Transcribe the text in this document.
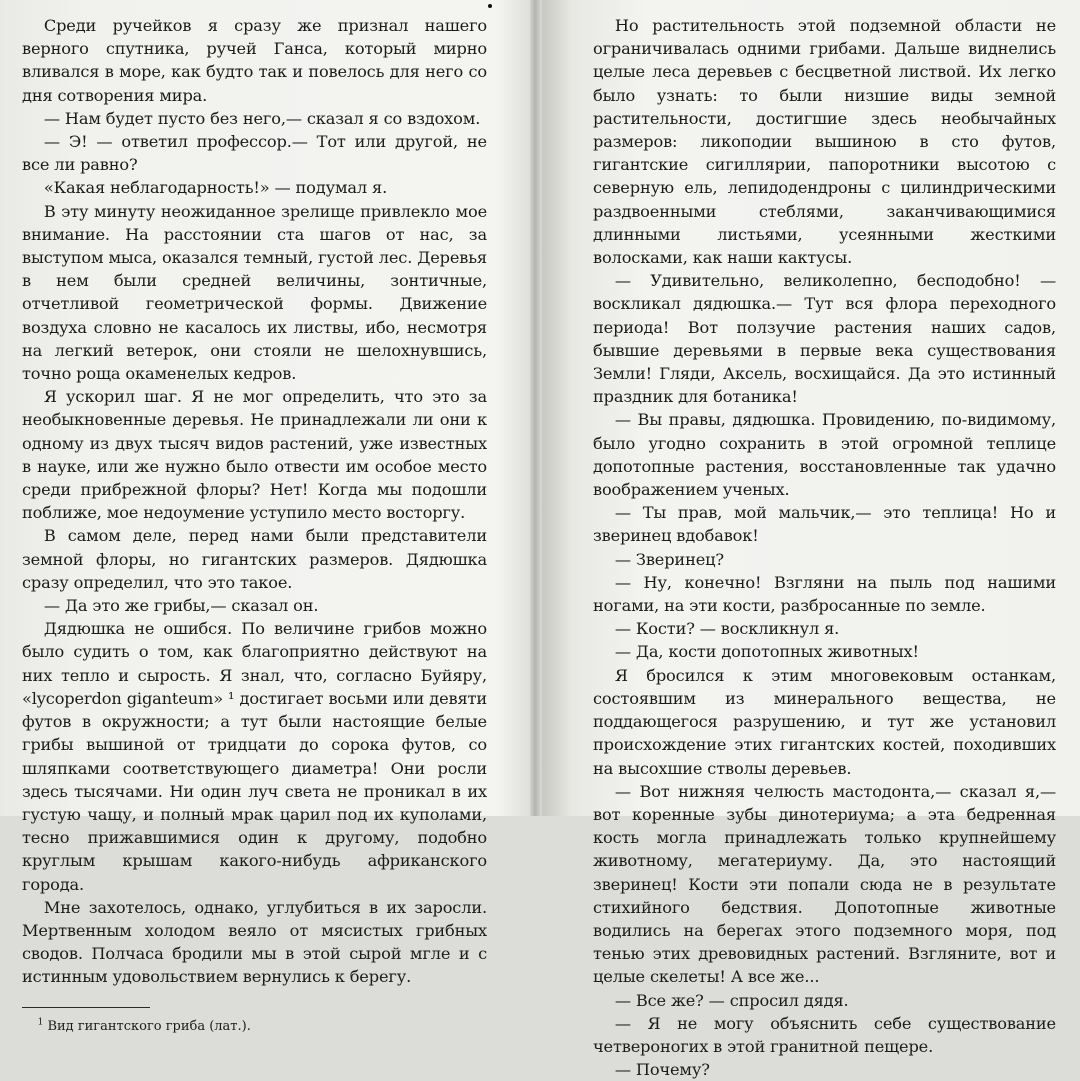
Среди ручейков я сразу же признал нашего верного спутника, ручей Ганса, который мирно вливался в море, как будто так и повелось для него со дня сотворения мира.

— Нам будет пусто без него,— сказал я со вздохом.

— Э! — ответил профессор.— Тот или другой, не все ли равно?

«Какая неблагодарность!» — подумал я.

В эту минуту неожиданное зрелище привлекло мое внимание. На расстоянии ста шагов от нас, за выступом мыса, оказался темный, густой лес. Деревья в нем были средней величины, зонтичные, отчетливой геометрической формы. Движение воздуха словно не касалось их листвы, ибо, несмотря на легкий ветерок, они стояли не шелохнувшись, точно роща окаменелых кедров.

Я ускорил шаг. Я не мог определить, что это за необыкновенные деревья. Не принадлежали ли они к одному из двух тысяч видов растений, уже известных в науке, или же нужно было отвести им особое место среди прибрежной флоры? Нет! Когда мы подошли поближе, мое недоумение уступило место восторгу.

В самом деле, перед нами были представители земной флоры, но гигантских размеров. Дядюшка сразу определил, что это такое.

— Да это же грибы,— сказал он.

Дядюшка не ошибся. По величине грибов можно было судить о том, как благоприятно действуют на них тепло и сырость. Я знал, что, согласно Буйяру, «lycoperdon giganteum» ¹ достигает восьми или девяти футов в окружности; а тут были настоящие белые грибы вышиной от тридцати до сорока футов, со шляпками соответствующего диаметра! Они росли здесь тысячами. Ни один луч света не проникал в их густую чащу, и полный мрак царил под их куполами, тесно прижавшимися один к другому, подобно круглым крышам какого-нибудь африканского города.

Мне захотелось, однако, углубиться в их заросли. Мертвенным холодом веяло от мясистых грибных сводов. Полчаса бродили мы в этой сырой мгле и с истинным удовольствием вернулись к берегу.

$^1$ Вид гигантского гриба (лат.).

Но растительность этой подземной области не ограничивалась одними грибами. Дальше виднелись целые леса деревьев с бесцветной листвой. Их легко было узнать: то были низшие виды земной растительности, достигшие здесь необычайных размеров: ликоподии вышиною в сто футов, гигантские сигиллярии, папоротники высотою с северную ель, лепидодендроны с цилиндрическими раздвоенными стеблями, заканчивающимися длинными листьями, усеянными жесткими волосками, как наши кактусы.

— Удивительно, великолепно, бесподобно! — воскликал дядюшка.— Тут вся флора переходного периода! Вот ползучие растения наших садов, бывшие деревьями в первые века существования Земли! Гляди, Аксель, восхищайся. Да это истинный праздник для ботаника!

— Вы правы, дядюшка. Провидению, по-видимому, было угодно сохранить в этой огромной теплице допотопные растения, восстановленные так удачно воображением ученых.

— Ты прав, мой мальчик,— это теплица! Но и зверинец вдобавок!

— Зверинец?

— Ну, конечно! Взгляни на пыль под нашими ногами, на эти кости, разбросанные по земле.

— Кости? — воскликнул я.

— Да, кости допотопных животных!

Я бросился к этим многовековым останкам, состоявшим из минерального вещества, не поддающегося разрушению, и тут же установил происхождение этих гигантских костей, походивших на высохшие стволы деревьев.

— Вот нижняя челюсть мастодонта,— сказал я,— вот коренные зубы динотериума; а эта бедренная кость могла принадлежать только крупнейшему животному, мегатериуму. Да, это настоящий зверинец! Кости эти попали сюда не в результате стихийного бедствия. Допотопные животные водились на берегах этого подземного моря, под тенью этих древовидных растений. Взгляните, вот и целые скелеты! А все же...

— Все же? — спросил дядя.

— Я не могу объяснить себе существование четвероногих в этой гранитной пещере.

— Почему?
